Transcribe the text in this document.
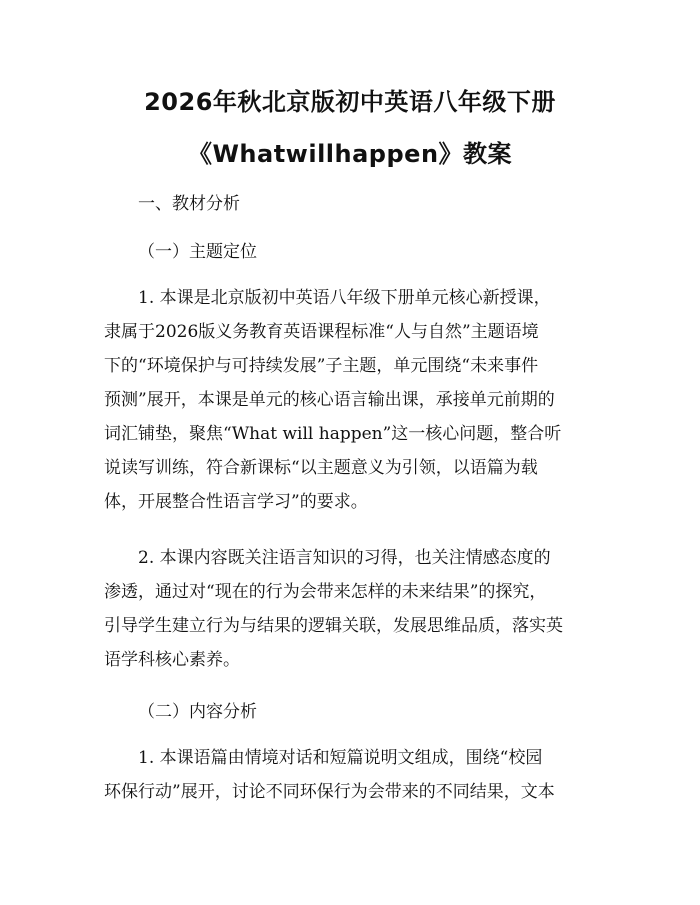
2026年秋北京版初中英语八年级下册
《Whatwillhappen》教案
一、教材分析
（一）主题定位
1. 本课是北京版初中英语八年级下册单元核心新授课，
隶属于2026版义务教育英语课程标准“人与自然”主题语境
下的“环境保护与可持续发展”子主题，单元围绕“未来事件
预测”展开，本课是单元的核心语言输出课，承接单元前期的
词汇铺垫，聚焦“What will happen”这一核心问题，整合听
说读写训练，符合新课标“以主题意义为引领，以语篇为载
体，开展整合性语言学习”的要求。
2. 本课内容既关注语言知识的习得，也关注情感态度的
渗透，通过对“现在的行为会带来怎样的未来结果”的探究，
引导学生建立行为与结果的逻辑关联，发展思维品质，落实英
语学科核心素养。
（二）内容分析
1. 本课语篇由情境对话和短篇说明文组成，围绕“校园
环保行动”展开，讨论不同环保行为会带来的不同结果，文本
